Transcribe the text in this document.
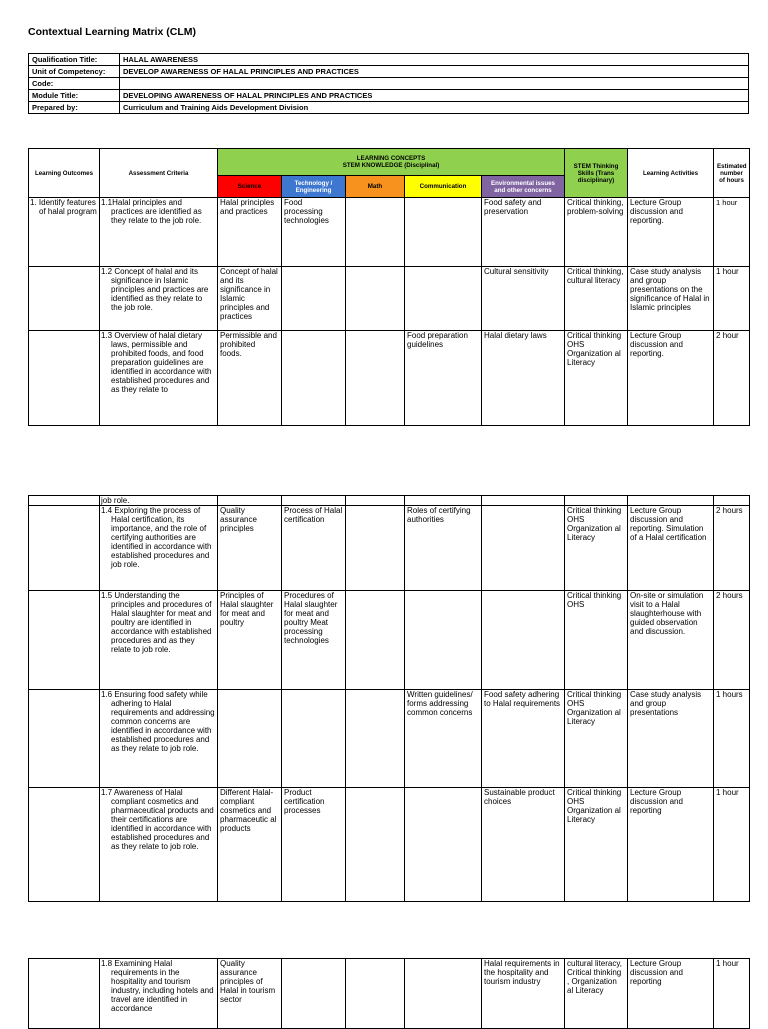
Contextual Learning Matrix (CLM)
Qualification Title:	HALAL AWARENESS
Unit of Competency:	DEVELOP AWARENESS OF HALAL PRINCIPLES AND PRACTICES
Code:	
Module Title:	DEVELOPING AWARENESS OF HALAL PRINCIPLES AND PRACTICES
Prepared by:	Curriculum and Training Aids Development Division
Learning Outcomes	Assessment Criteria	LEARNING CONCEPTS
STEM KNOWLEDGE (Disciplinal)					STEM Thinking Skills (Trans disciplinary)	Learning Activities	Estimated number of hours
		Science	Technology / Engineering	Math	Communication	Environmental issues and other concerns			
1. Identify features of halal program	1.1Halal principles and practices are identified as they relate to the job role.	Halal principles and practices	Food processing technologies			Food safety and preservation	Critical thinking, problem-solving	Lecture Group discussion and reporting.	1 hour
	1.2 Concept of halal and its significance in Islamic principles and practices are identified as they relate to the job role.	Concept of halal and its significance in Islamic principles and practices				Cultural sensitivity	Critical thinking, cultural literacy	Case study analysis and group presentations on the significance of Halal in Islamic principles	1 hour
	1.3 Overview of halal dietary laws, permissible and prohibited foods, and food preparation guidelines are identified in accordance with established procedures and as they relate to	Permissible and prohibited foods.			Food preparation guidelines	Halal dietary laws	Critical thinking OHS Organization al Literacy	Lecture Group discussion and reporting.	2 hour
	job role.								
	1.4 Exploring the process of Halal certification, its importance, and the role of certifying authorities are identified in accordance with established procedures and job role.	Quality assurance principles	Process of Halal certification		Roles of certifying authorities		Critical thinking OHS Organization al Literacy	Lecture Group discussion and reporting. Simulation of a Halal certification	2 hours
	1.5 Understanding the principles and procedures of Halal slaughter for meat and poultry are identified in accordance with established procedures and as they relate to job role.	Principles of Halal slaughter for meat and poultry	Procedures of Halal slaughter for meat and poultry Meat processing technologies				Critical thinking OHS	On-site or simulation visit to a Halal slaughterhouse with guided observation and discussion.	2 hours
	1.6 Ensuring food safety while adhering to Halal requirements and addressing common concerns are identified in accordance with established procedures and as they relate to job role.				Written guidelines/ forms addressing common concerns	Food safety adhering to Halal requirements	Critical thinking OHS Organization al Literacy	Case study analysis and group presentations	1 hours
	1.7 Awareness of Halal compliant cosmetics and pharmaceutical products and their certifications are identified in accordance with established procedures and as they relate to job role.	Different Halal-compliant cosmetics and pharmaceutic al products	Product certification processes			Sustainable product choices	Critical thinking OHS Organization al Literacy	Lecture Group discussion and reporting	1 hour
	1.8 Examining Halal requirements in the hospitality and tourism industry, including hotels and travel are identified in accordance	Quality assurance principles of Halal in tourism sector				Halal requirements in the hospitality and tourism industry	cultural literacy, Critical thinking , Organization al Literacy	Lecture Group discussion and reporting	1 hour
